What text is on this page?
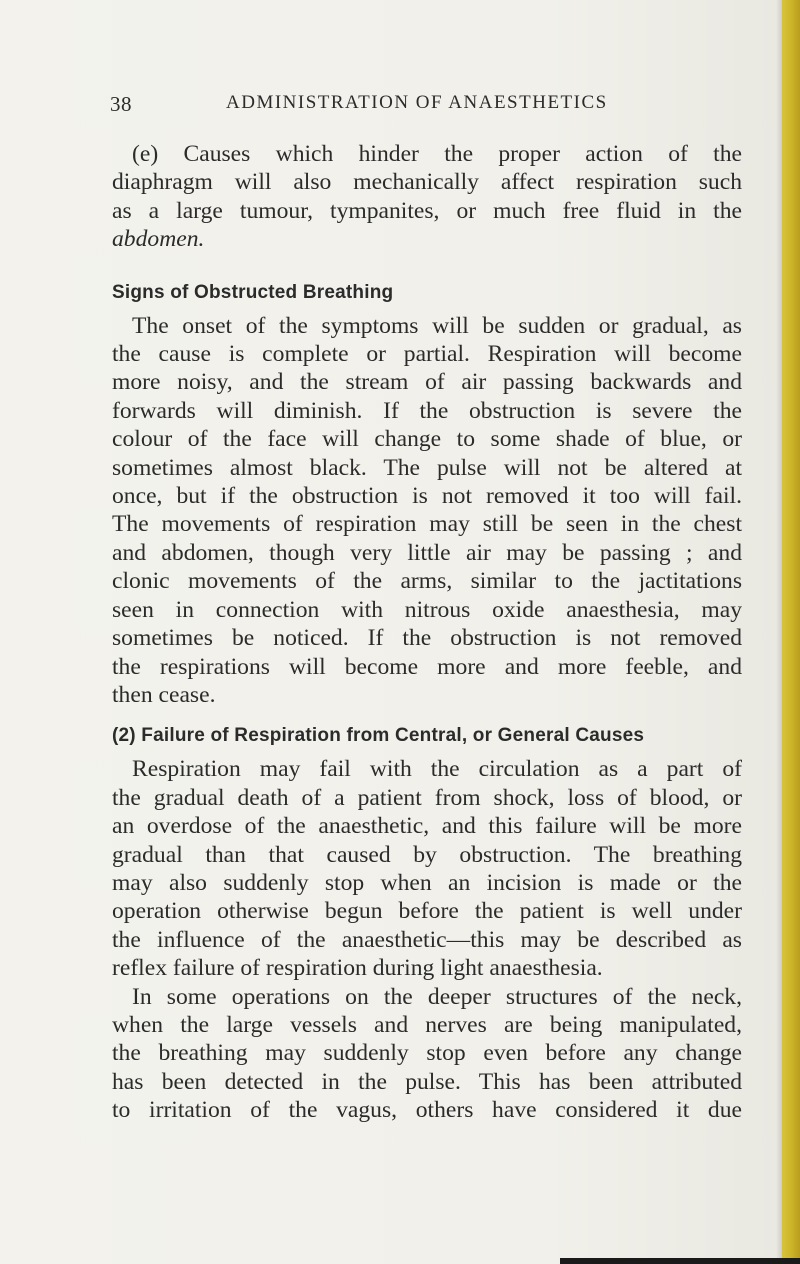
38	ADMINISTRATION OF ANAESTHETICS
(e) Causes which hinder the proper action of the
diaphragm will also mechanically affect respiration such
as a large tumour, tympanites, or much free fluid in the
abdomen.
Signs of Obstructed Breathing
The onset of the symptoms will be sudden or gradual, as
the cause is complete or partial. Respiration will become
more noisy, and the stream of air passing backwards and
forwards will diminish. If the obstruction is severe the
colour of the face will change to some shade of blue, or
sometimes almost black. The pulse will not be altered at
once, but if the obstruction is not removed it too will fail.
The movements of respiration may still be seen in the chest
and abdomen, though very little air may be passing ; and
clonic movements of the arms, similar to the jactitations
seen in connection with nitrous oxide anaesthesia, may
sometimes be noticed. If the obstruction is not removed
the respirations will become more and more feeble, and
then cease.
(2) Failure of Respiration from Central, or General Causes
Respiration may fail with the circulation as a part of
the gradual death of a patient from shock, loss of blood, or
an overdose of the anaesthetic, and this failure will be more
gradual than that caused by obstruction. The breathing
may also suddenly stop when an incision is made or the
operation otherwise begun before the patient is well under
the influence of the anaesthetic—this may be described as
reflex failure of respiration during light anaesthesia.
In some operations on the deeper structures of the neck,
when the large vessels and nerves are being manipulated,
the breathing may suddenly stop even before any change
has been detected in the pulse. This has been attributed
to irritation of the vagus, others have considered it due
